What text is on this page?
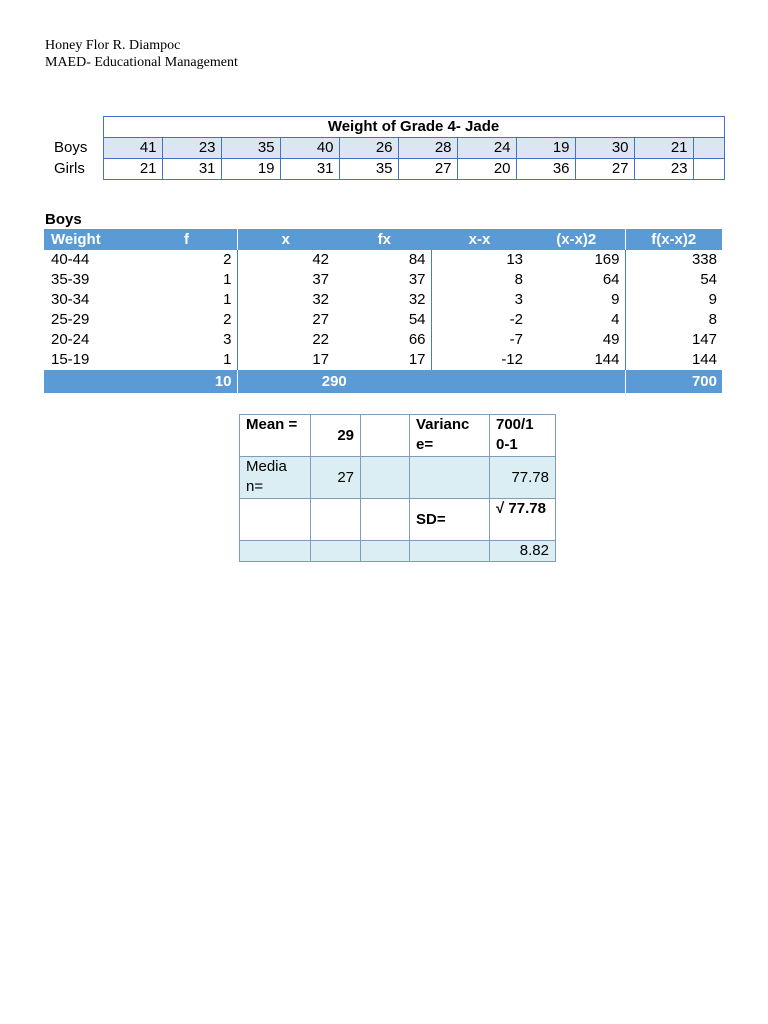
Honey Flor R. Diampoc
MAED- Educational Management
	Weight of Grade 4- Jade										
Boys	41	23	35	40	26	28	24	19	30	21	
Girls	21	31	19	31	35	27	20	36	27	23	
Boys
Weight	f	x	fx	x-x	(x-x)2	f(x-x)2
40-44	2	42	84	13	169	338
35-39	1	37	37	8	64	54
30-34	1	32	32	3	9	9
25-29	2	27	54	-2	4	8
20-24	3	22	66	-7	49	147
15-19	1	17	17	-12	144	144
	10	290				700
Mean =	29		Varianc e=	700/1 0-1
Media n=	27			77.78
			SD=	√ 77.78
				8.82
